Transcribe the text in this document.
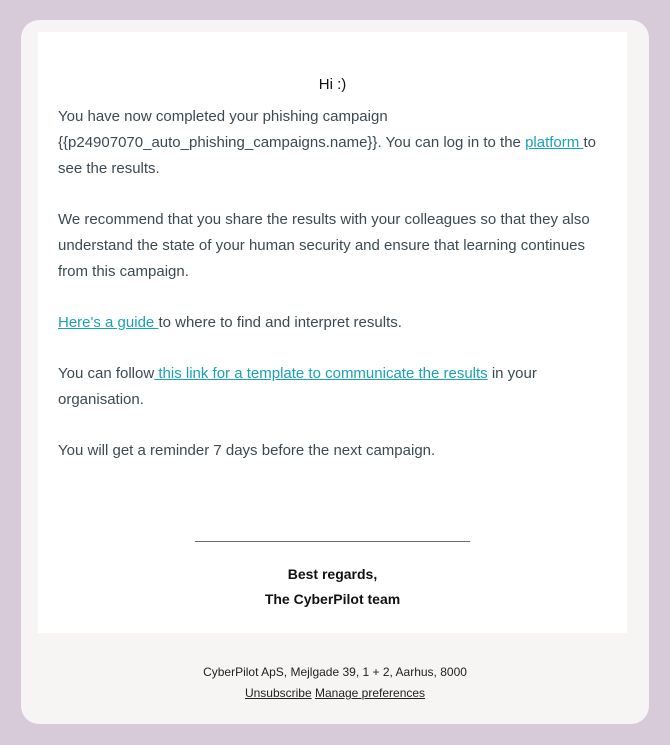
Hi :)

You have now completed your phishing campaign {{p24907070_auto_phishing_campaigns.name}}. You can log in to the platform to see the results.

We recommend that you share the results with your colleagues so that they also understand the state of your human security and ensure that learning continues from this campaign.

Here's a guide to where to find and interpret results.

You can follow this link for a template to communicate the results in your organisation.

You will get a reminder 7 days before the next campaign.

Best regards,
The CyberPilot team
CyberPilot ApS, Mejlgade 39, 1 + 2, Aarhus, 8000
Unsubscribe Manage preferences
